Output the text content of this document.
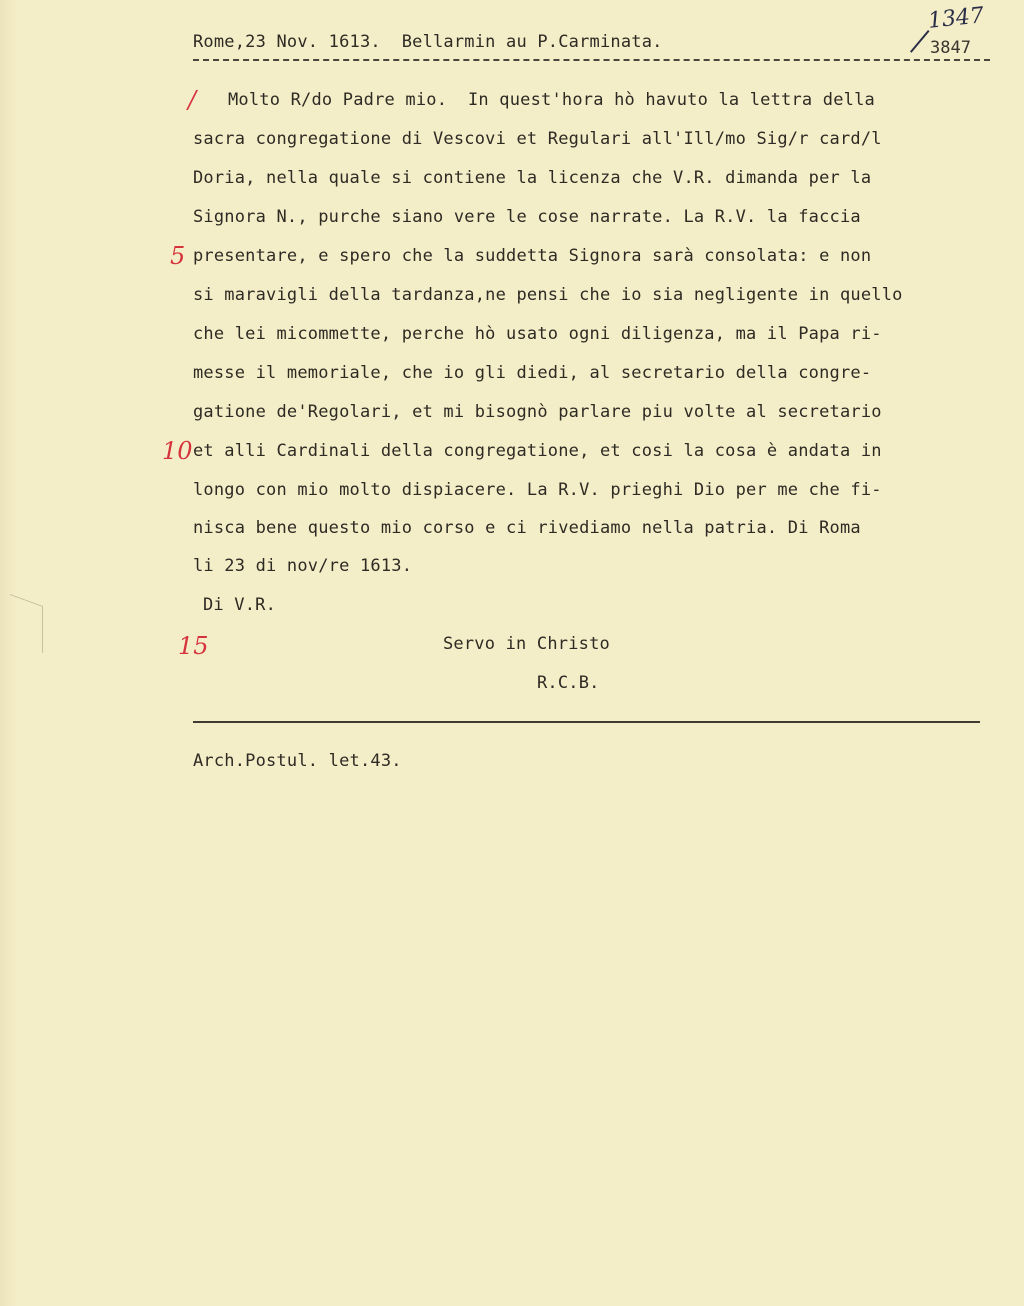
Rome,23 Nov. 1613.  Bellarmin au P.Carminata.
1347
3847
/
5
10
15
Molto R/do Padre mio.  In quest'hora hò havuto la lettra della
sacra congregatione di Vescovi et Regulari all'Ill/mo Sig/r card/l
Doria, nella quale si contiene la licenza che V.R. dimanda per la
Signora N., purche siano vere le cose narrate. La R.V. la faccia
presentare, e spero che la suddetta Signora sarà consolata: e non
si maravigli della tardanza,ne pensi che io sia negligente in quello
che lei micommette, perche hò usato ogni diligenza, ma il Papa ri-
messe il memoriale, che io gli diedi, al secretario della congre-
gatione de'Regolari, et mi bisognò parlare piu volte al secretario
et alli Cardinali della congregatione, et cosi la cosa è andata in
longo con mio molto dispiacere. La R.V. prieghi Dio per me che fi-
nisca bene questo mio corso e ci rivediamo nella patria. Di Roma
li 23 di nov/re 1613.
Di V.R.
Servo in Christo
R.C.B.
Arch.Postul. let.43.
